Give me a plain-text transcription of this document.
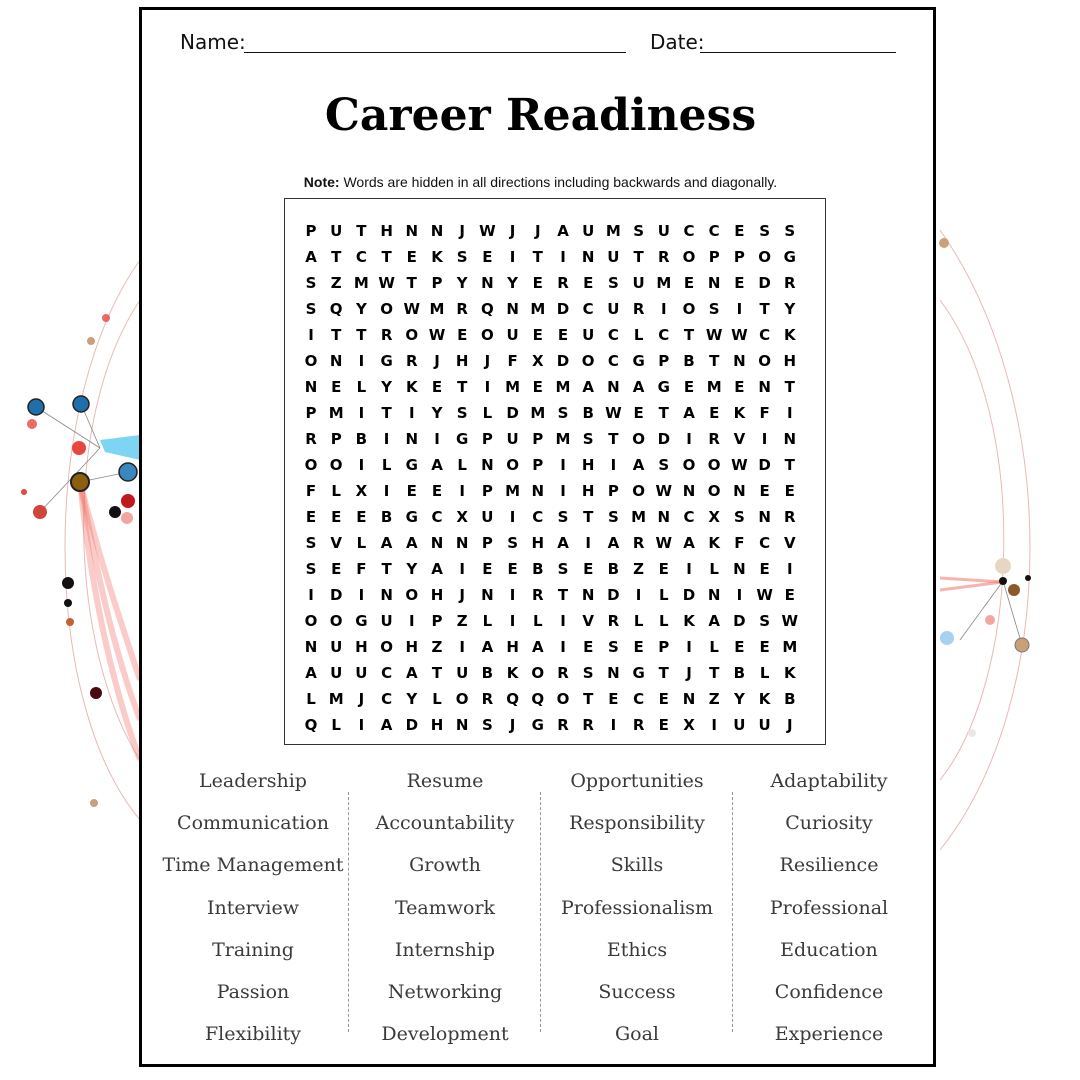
Name:	Date:
Career Readiness
Note: Words are hidden in all directions including backwards and diagonally.
P U T H N N	J W J	J	A U M S U C C E S S
A T C T E K S E	I	T	I	N U T R O P P O G
S Z M W T P Y N Y E R E S U M E N E D R
S Q Y O W M R Q N M D C U R	I	O S	I	T Y
I	T T R O W E O U E E U C L C T W W C K
O N	I	G R	J	H	J	F X D O C G P B T N O H
N E	L Y K E T	I M E M A N A G E M E N T
P M I	T	I	Y S	L D M S B W E T A E K F	I
R P B	I	N	I	G P U P M S T O D	I	R V	I	N
O O	I	L G A L N O P	I	H	I	A S O O W D T
F	L X	I	E E	I	P M N	I	H P O W N O N E E
E E E B G C X U	I	C S T S M N C X S N R
S V L A A N N P S H A	I	A R W A K F C V
S E F T Y A	I	E E B S E B Z E	I	L N E	I
I	D	I	N O H	J	N	I	R T N D	I	L D N	I W E
O O G U	I	P Z L	I	L	I	V R L	L K A D S W
N U H O H Z	I	A H A	I	E S E P	I	L	E E M
A U U C A T U B K O R S N G T	J	T B L K
L M J	C Y L O R Q Q O T E C E N Z Y K B
Q L	I	A D H N S	J	G R R	I	R E X	I	U U	J
Leadership
Communication
Time Management
Interview
Training
Passion
Flexibility
Resume
Accountability
Growth
Teamwork
Internship
Networking
Development
Opportunities
Responsibility
Skills
Professionalism
Ethics
Success
Goal
Adaptability
Curiosity
Resilience
Professional
Education
Confidence
Experience
